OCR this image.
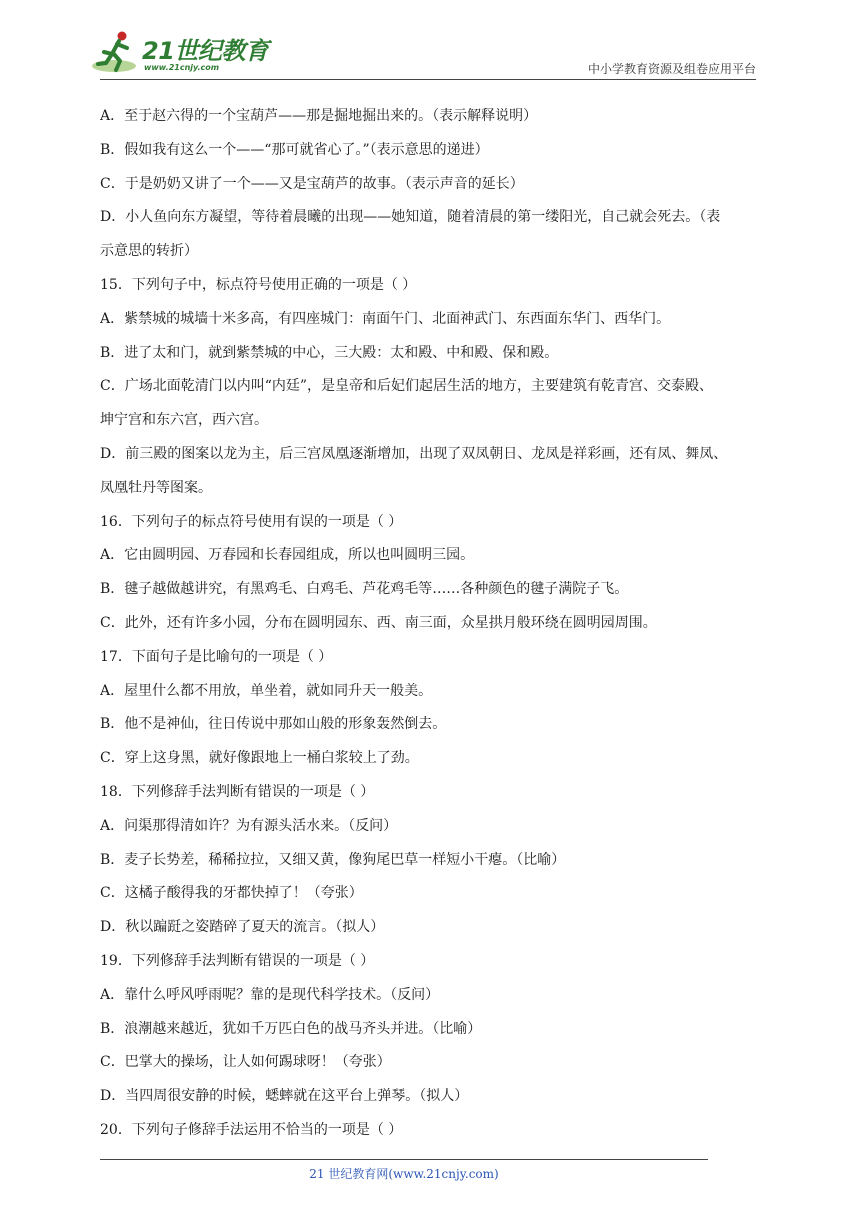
21世纪教育
www.21cnjy.com	中小学教育资源及组卷应用平台
A．至于赵六得的一个宝葫芦——那是掘地掘出来的。（表示解释说明）
B．假如我有这么一个——“那可就省心了。”（表示意思的递进）
C．于是奶奶又讲了一个——又是宝葫芦的故事。（表示声音的延长）
D．小人鱼向东方凝望，等待着晨曦的出现——她知道，随着清晨的第一缕阳光，自己就会死去。（表
示意思的转折）
15．下列句子中，标点符号使用正确的一项是（ ）
A．紫禁城的城墙十米多高，有四座城门：南面午门、北面神武门、东西面东华门、西华门。
B．进了太和门，就到紫禁城的中心，三大殿：太和殿、中和殿、保和殿。
C．广场北面乾清门以内叫“内廷”，是皇帝和后妃们起居生活的地方，主要建筑有乾青宫、交泰殿、
坤宁宫和东六宫，西六宫。
D．前三殿的图案以龙为主，后三宫凤凰逐渐增加，出现了双凤朝日、龙凤是祥彩画，还有凤、舞凤、
凤凰牡丹等图案。
16．下列句子的标点符号使用有误的一项是（ ）
A．它由圆明园、万春园和长春园组成，所以也叫圆明三园。
B．毽子越做越讲究，有黑鸡毛、白鸡毛、芦花鸡毛等……各种颜色的毽子满院子飞。
C．此外，还有许多小园，分布在圆明园东、西、南三面，众星拱月般环绕在圆明园周围。
17．下面句子是比喻句的一项是（ ）
A．屋里什么都不用放，单坐着，就如同升天一般美。
B．他不是神仙，往日传说中那如山般的形象轰然倒去。
C．穿上这身黑，就好像跟地上一桶白浆较上了劲。
18．下列修辞手法判断有错误的一项是（ ）
A．问渠那得清如许？为有源头活水来。（反问）
B．麦子长势差，稀稀拉拉，又细又黄，像狗尾巴草一样短小干瘪。（比喻）
C．这橘子酸得我的牙都快掉了！（夸张）
D．秋以蹁跹之姿踏碎了夏天的流言。（拟人）
19．下列修辞手法判断有错误的一项是（ ）
A．靠什么呼风呼雨呢？靠的是现代科学技术。（反问）
B．浪潮越来越近，犹如千万匹白色的战马齐头并进。（比喻）
C．巴掌大的操场，让人如何踢球呀！（夸张）
D．当四周很安静的时候，蟋蟀就在这平台上弹琴。（拟人）
20．下列句子修辞手法运用不恰当的一项是（ ）
21 世纪教育网(www.21cnjy.com)
